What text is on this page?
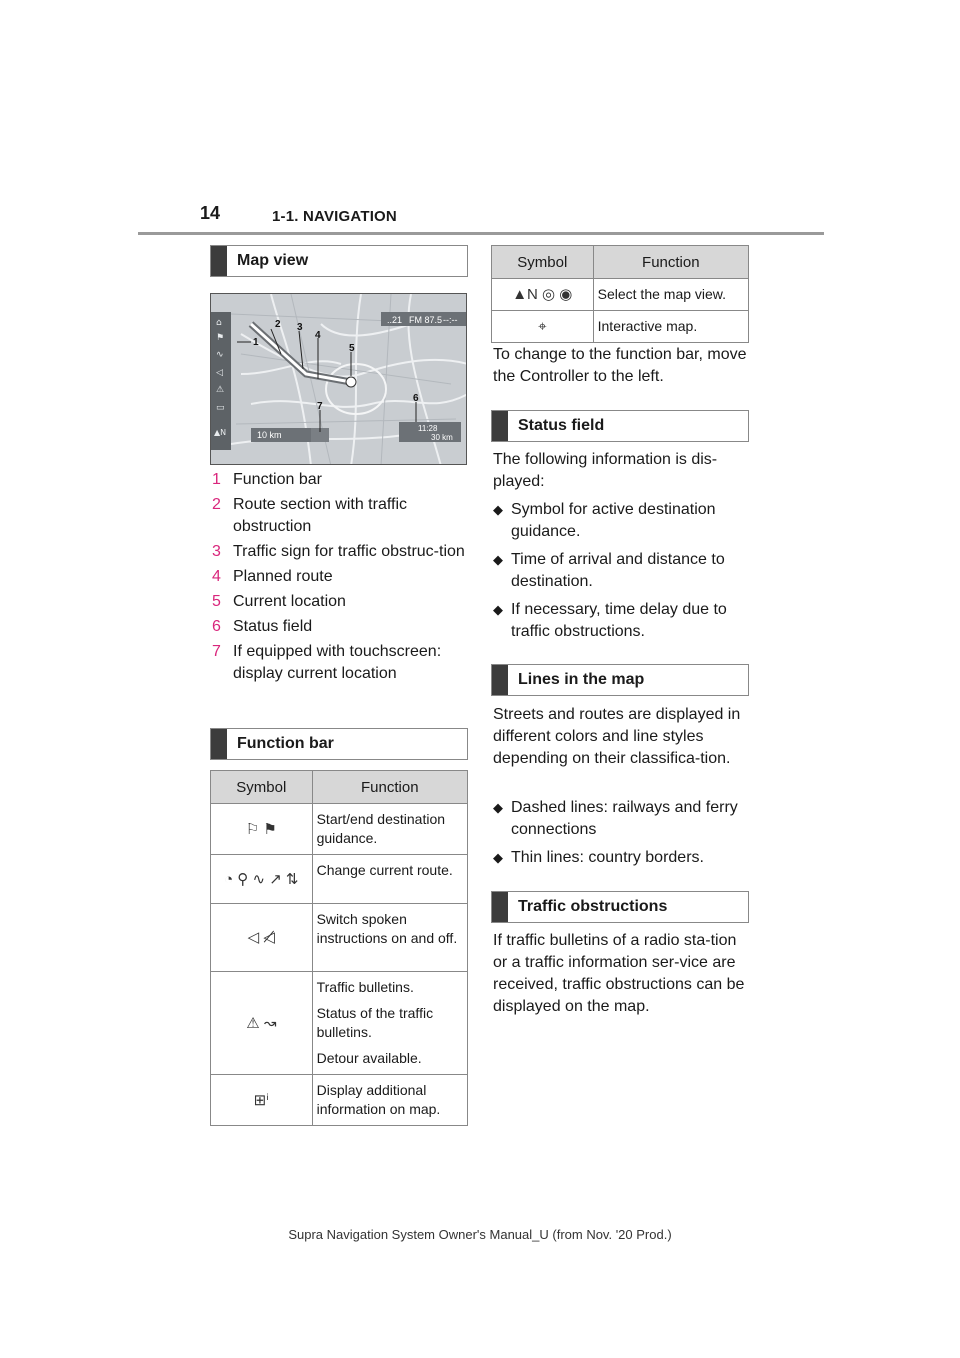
14	1-1. NAVIGATION
Map view
..21 FM 87.5 --:--
⌂
⚑
∿
◁
⚠
▭
▲N	10 km
11:28
30 km
1
2 3
4
5
6
7
1 Function bar
2 Route section with traffic obstruction
3 Traffic sign for traffic obstruc-tion
4 Planned route
5 Current location
6 Status field
7 If equipped with touchscreen: display current location
Function bar
Symbol	Function
⚐ ⚑	Start/end destination guidance.

◔ ⚲ ∿ ↗ ⇅	Change current route.

◁ ◁̸	Switch spoken instructions on and off.

⚠ ↝	Traffic bulletins.

Status of the traffic bulletins.

Detour available.

⊞ⁱ	Display additional information on map.

Symbol	Function
▲N ◎ ◉	Select the map view.
⌖	Interactive map.
To change to the function bar, move the Controller to the left.
Status field
The following information is dis-played:
◆ Symbol for active destination guidance.
◆ Time of arrival and distance to destination.
◆ If necessary, time delay due to traffic obstructions.
Lines in the map
Streets and routes are displayed in different colors and line styles depending on their classifica-tion.
◆ Dashed lines: railways and ferry connections
◆ Thin lines: country borders.
Traffic obstructions
If traffic bulletins of a radio sta-tion or a traffic information ser-vice are received, traffic obstructions can be displayed on the map.
Supra Navigation System Owner's Manual_U (from Nov. '20 Prod.)
